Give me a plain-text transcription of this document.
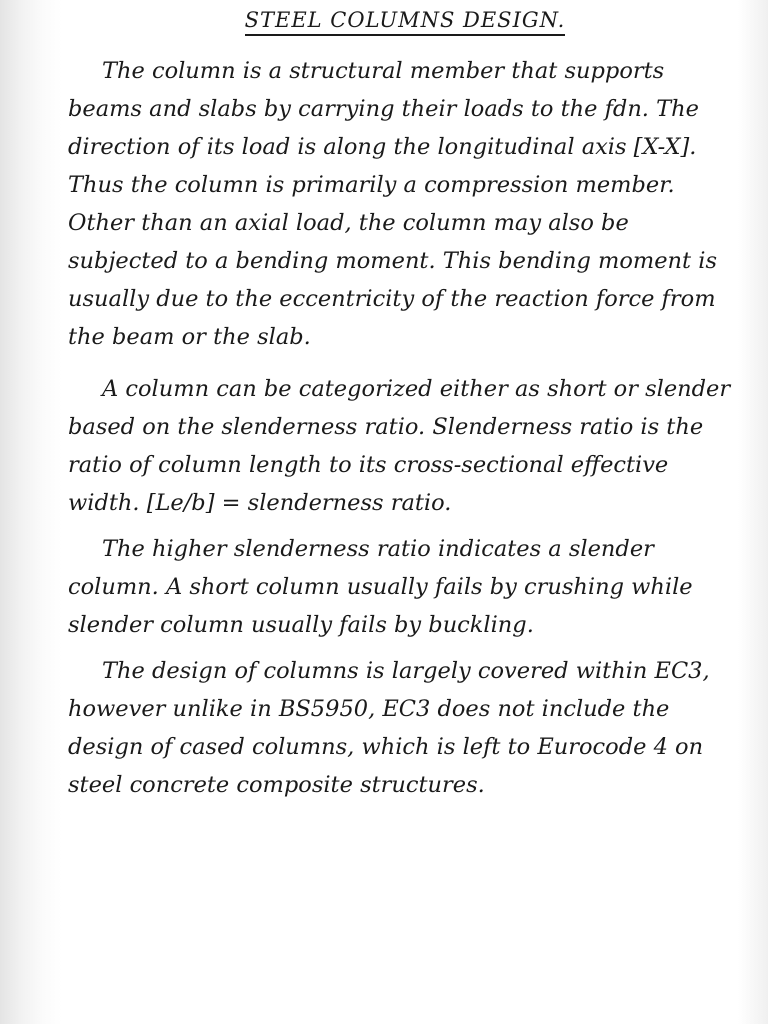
STEEL COLUMNS DESIGN.

The column is a structural member that supports beams and slabs by carrying their loads to the fdn. The direction of its load is along the longitudinal axis [X-X]. Thus the column is primarily a compression member. Other than an axial load, the column may also be subjected to a bending moment. This bending moment is usually due to the eccentricity of the reaction force from the beam or the slab.

A column can be categorized either as short or slender based on the slenderness ratio. Slenderness ratio is the ratio of column length to its cross-sectional effective width. [Le/b] = slenderness ratio.

The higher slenderness ratio indicates a slender column. A short column usually fails by crushing while slender column usually fails by buckling.

The design of columns is largely covered within EC3, however unlike in BS5950, EC3 does not include the design of cased columns, which is left to Eurocode 4 on steel concrete composite structures.
